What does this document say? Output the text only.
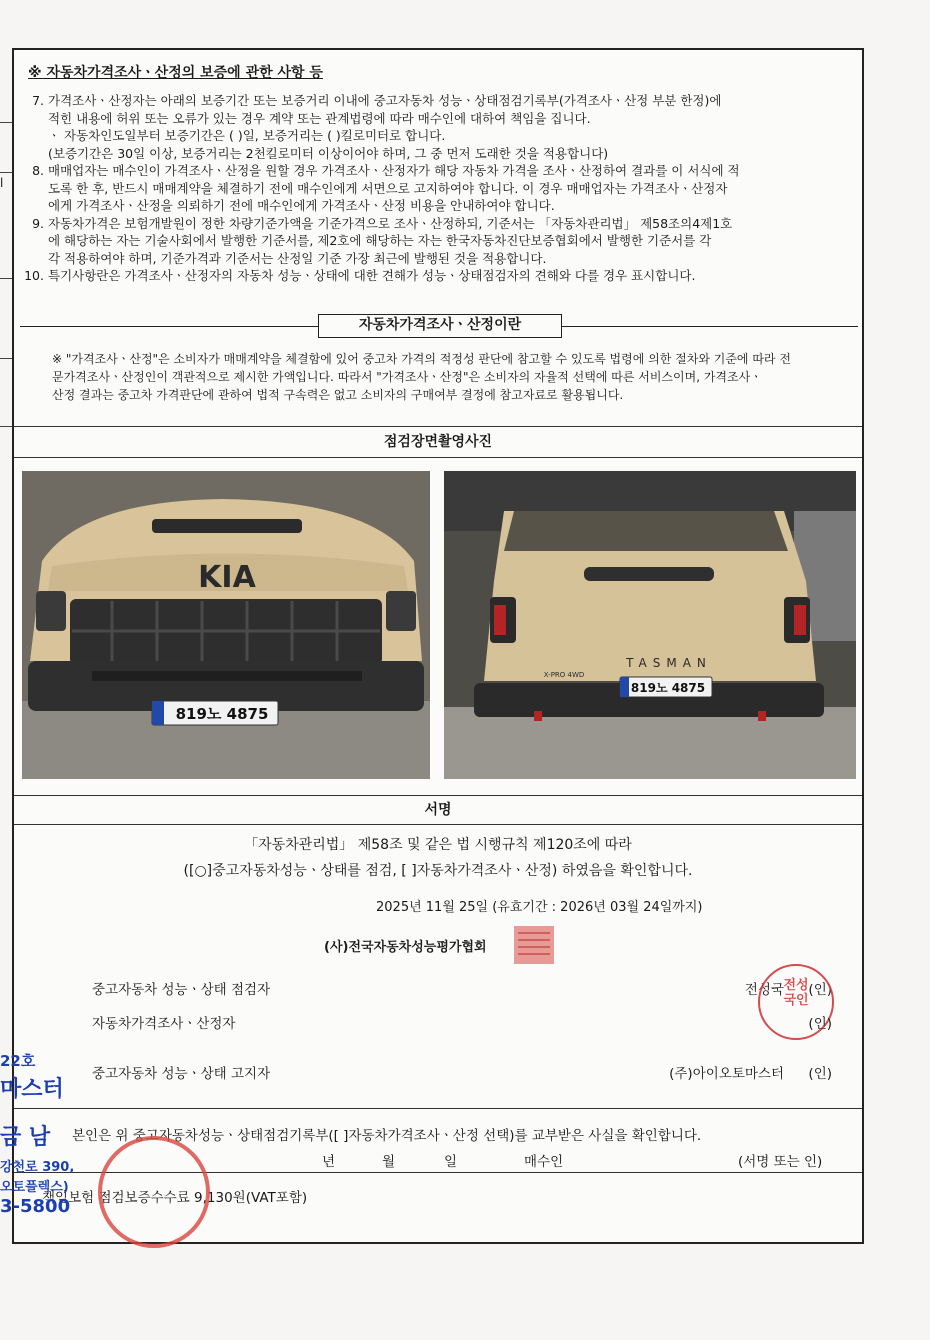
l
※ 자동차가격조사ㆍ산정의 보증에 관한 사항 등
7. 가격조사ㆍ산정자는 아래의 보증기간 또는 보증거리 이내에 중고자동차 성능ㆍ상태점검기록부(가격조사ㆍ산정 부분 한정)에
적힌 내용에 허위 또는 오류가 있는 경우 계약 또는 관계법령에 따라 매수인에 대하여 책임을 집니다.
ㆍ 자동차인도일부터 보증기간은 ( )일, 보증거리는 ( )킬로미터로 합니다.
(보증기간은 30일 이상, 보증거리는 2천킬로미터 이상이어야 하며, 그 중 먼저 도래한 것을 적용합니다)
8. 매매업자는 매수인이 가격조사ㆍ산정을 원할 경우 가격조사ㆍ산정자가 해당 자동차 가격을 조사ㆍ산정하여 결과를 이 서식에 적
도록 한 후, 반드시 매매계약을 체결하기 전에 매수인에게 서면으로 고지하여야 합니다. 이 경우 매매업자는 가격조사ㆍ산정자
에게 가격조사ㆍ산정을 의뢰하기 전에 매수인에게 가격조사ㆍ산정 비용을 안내하여야 합니다.
9. 자동차가격은 보험개발원이 정한 차량기준가액을 기준가격으로 조사ㆍ산정하되, 기준서는 「자동차관리법」 제58조의4제1호
에 해당하는 자는 기술사회에서 발행한 기준서를, 제2호에 해당하는 자는 한국자동차진단보증협회에서 발행한 기준서를 각
각 적용하여야 하며, 기준가격과 기준서는 산정일 기준 가장 최근에 발행된 것을 적용합니다.
10. 특기사항란은 가격조사ㆍ산정자의 자동차 성능ㆍ상태에 대한 견해가 성능ㆍ상태점검자의 견해와 다를 경우 표시합니다.
자동차가격조사ㆍ산정이란
※ "가격조사ㆍ산정"은 소비자가 매매계약을 체결함에 있어 중고차 가격의 적정성 판단에 참고할 수 있도록 법령에 의한 절차와 기준에 따라 전
문가격조사ㆍ산정인이 객관적으로 제시한 가액입니다. 따라서 "가격조사ㆍ산정"은 소비자의 자율적 선택에 따른 서비스이며, 가격조사ㆍ
산정 결과는 중고차 가격판단에 관하여 법적 구속력은 없고 소비자의 구매여부 결정에 참고자료로 활용됩니다.
점검장면촬영사진
KIA
819노 4875
TASMAN
X-PRO 4WD
819노 4875
서명
「자동차관리법」 제58조 및 같은 법 시행규칙 제120조에 따라
([○]중고자동차성능ㆍ상태를 점검, [ ]자동차가격조사ㆍ산정) 하였음을 확인합니다.
2025년 11월 25일 (유효기간 : 2026년 03월 24일까지)
(사)전국자동차성능평가협회
중고자동차 성능ㆍ상태 점검자	전성국 (인)
전성
국인
자동차가격조사ㆍ산정자	(인)
중고자동차 성능ㆍ상태 고지자	(주)아이오토마스터 (인)
본인은 위 중고자동차성능ㆍ상태점검기록부([ ]자동차가격조사ㆍ산정 선택)를 교부받은 사실을 확인합니다.
년	월	일	매수인	(서명 또는 인)
책임보험 점검보증수수료 9,130원(VAT포함)
22호
마스터
금 남
강천로 390,
오토플렉스)
3-5800
